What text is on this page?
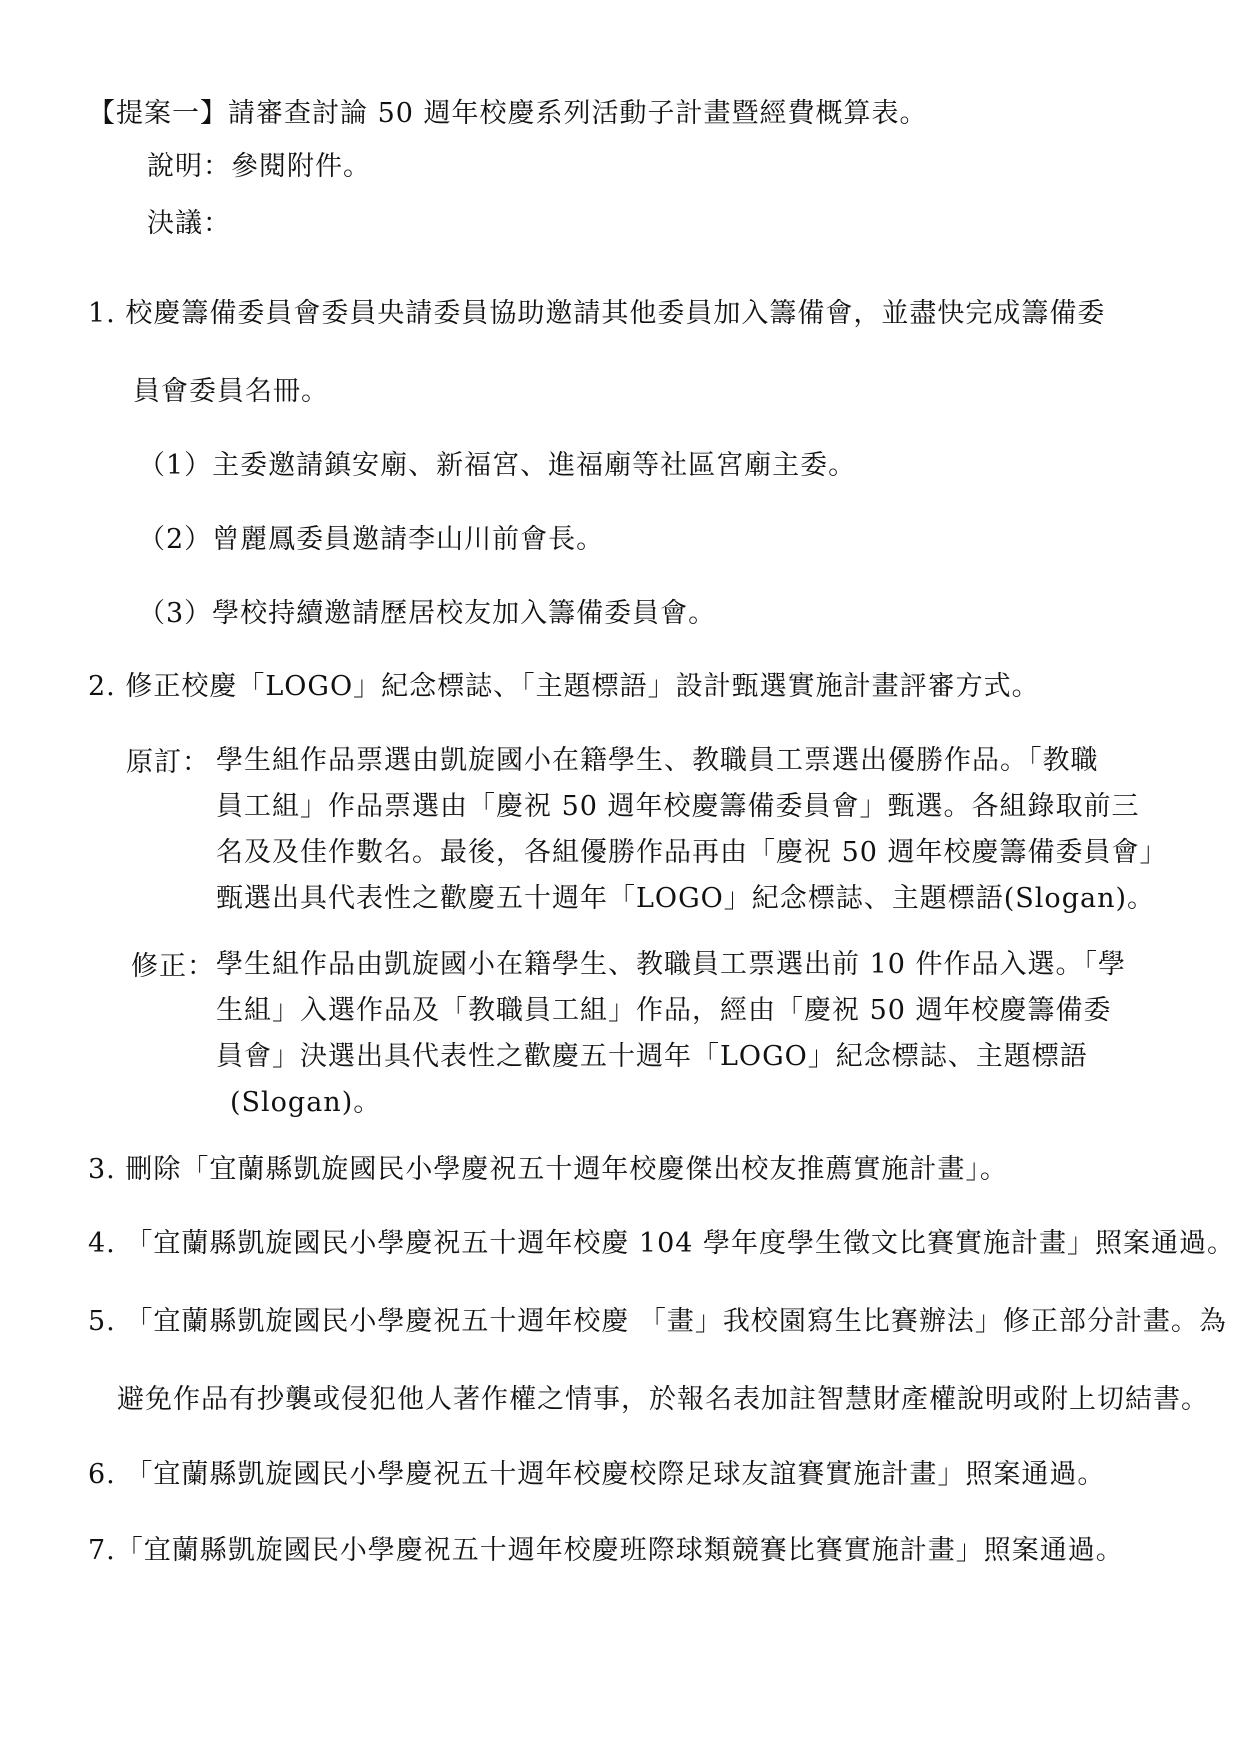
【提案一】請審查討論 50 週年校慶系列活動子計畫暨經費概算表。
說明：參閱附件。
決議：
1. 校慶籌備委員會委員央請委員協助邀請其他委員加入籌備會，並盡快完成籌備委
員會委員名冊。
（1）主委邀請鎮安廟、新福宮、進福廟等社區宮廟主委。
（2）曾麗鳳委員邀請李山川前會長。
（3）學校持續邀請歷居校友加入籌備委員會。
2. 修正校慶「LOGO」紀念標誌、「主題標語」設計甄選實施計畫評審方式。
原訂： 學生組作品票選由凱旋國小在籍學生、教職員工票選出優勝作品。「教職
員工組」作品票選由「慶祝 50 週年校慶籌備委員會」甄選。各組錄取前三
名及及佳作數名。最後，各組優勝作品再由「慶祝 50 週年校慶籌備委員會」
甄選出具代表性之歡慶五十週年「LOGO」紀念標誌、主題標語(Slogan)。
修正： 學生組作品由凱旋國小在籍學生、教職員工票選出前 10 件作品入選。「學
生組」入選作品及「教職員工組」作品，經由「慶祝 50 週年校慶籌備委
員會」決選出具代表性之歡慶五十週年「LOGO」紀念標誌、主題標語
(Slogan)。
3. 刪除「宜蘭縣凱旋國民小學慶祝五十週年校慶傑出校友推薦實施計畫」。
4. 「宜蘭縣凱旋國民小學慶祝五十週年校慶 104 學年度學生徵文比賽實施計畫」照案通過。
5. 「宜蘭縣凱旋國民小學慶祝五十週年校慶 「畫」我校園寫生比賽辦法」修正部分計畫。為
避免作品有抄襲或侵犯他人著作權之情事，於報名表加註智慧財產權說明或附上切結書。
6. 「宜蘭縣凱旋國民小學慶祝五十週年校慶校際足球友誼賽實施計畫」照案通過。
7.「宜蘭縣凱旋國民小學慶祝五十週年校慶班際球類競賽比賽實施計畫」照案通過。
